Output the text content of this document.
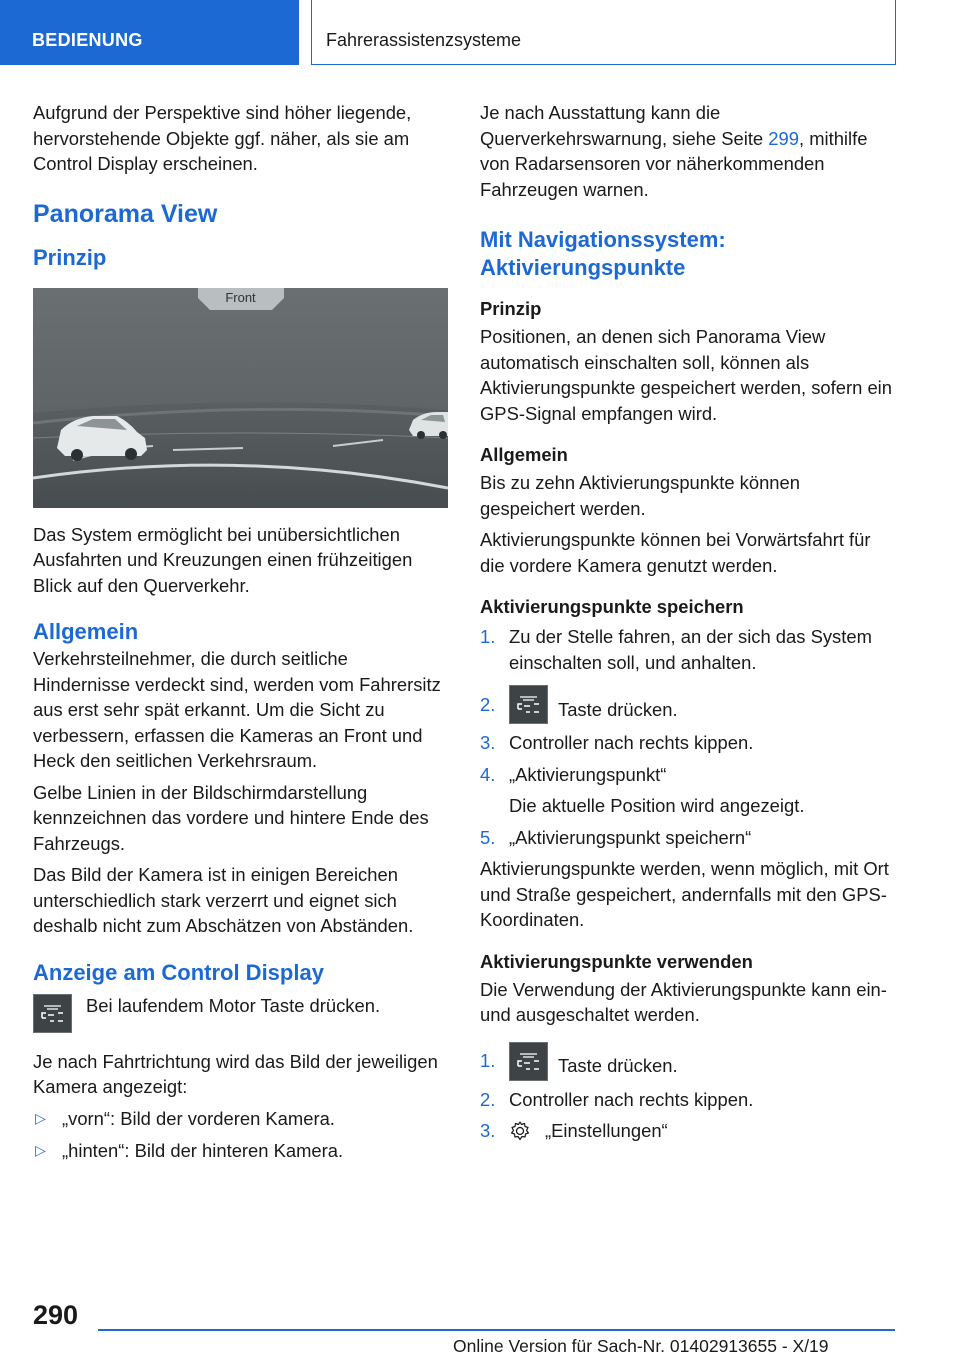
BEDIENUNG	Fahrerassistenzsysteme

Aufgrund der Perspektive sind höher liegende, hervorstehende Objekte ggf. näher, als sie am Control Display erscheinen.

Panorama View
Prinzip
Front

Das System ermöglicht bei unübersichtlichen Ausfahrten und Kreuzungen einen frühzeitigen Blick auf den Querverkehr.

Allgemein

Verkehrsteilnehmer, die durch seitliche Hindernisse verdeckt sind, werden vom Fahrersitz aus erst sehr spät erkannt. Um die Sicht zu verbessern, erfassen die Kameras an Front und Heck den seitlichen Verkehrsraum.

Gelbe Linien in der Bildschirmdarstellung kennzeichnen das vordere und hintere Ende des Fahrzeugs.

Das Bild der Kamera ist in einigen Bereichen unterschiedlich stark verzerrt und eignet sich deshalb nicht zum Abschätzen von Abständen.

Anzeige am Control Display

Bei laufendem Motor Taste drücken.

Je nach Fahrtrichtung wird das Bild der jeweiligen Kamera angezeigt:

▷ „vorn“: Bild der vorderen Kamera.
▷ „hinten“: Bild der hinteren Kamera.

Je nach Ausstattung kann die Querverkehrswarnung, siehe Seite 299, mithilfe von Radarsensoren vor näherkommenden Fahrzeugen warnen.

Mit Navigationssystem: Aktivierungspunkte
Prinzip

Positionen, an denen sich Panorama View automatisch einschalten soll, können als Aktivierungspunkte gespeichert werden, sofern ein GPS-Signal empfangen wird.

Allgemein

Bis zu zehn Aktivierungspunkte können gespeichert werden.

Aktivierungspunkte können bei Vorwärtsfahrt für die vordere Kamera genutzt werden.

Aktivierungspunkte speichern
1. Zu der Stelle fahren, an der sich das System einschalten soll, und anhalten.
2.	Taste drücken.
3. Controller nach rechts kippen.
4. „Aktivierungspunkt“

Die aktuelle Position wird angezeigt.

5. „Aktivierungspunkt speichern“

Aktivierungspunkte werden, wenn möglich, mit Ort und Straße gespeichert, andernfalls mit den GPS-Koordinaten.

Aktivierungspunkte verwenden

Die Verwendung der Aktivierungspunkte kann ein- und ausgeschaltet werden.

1.	Taste drücken.
2. Controller nach rechts kippen.
3.	„Einstellungen“
290
Online Version für Sach-Nr. 01402913655 - X/19
